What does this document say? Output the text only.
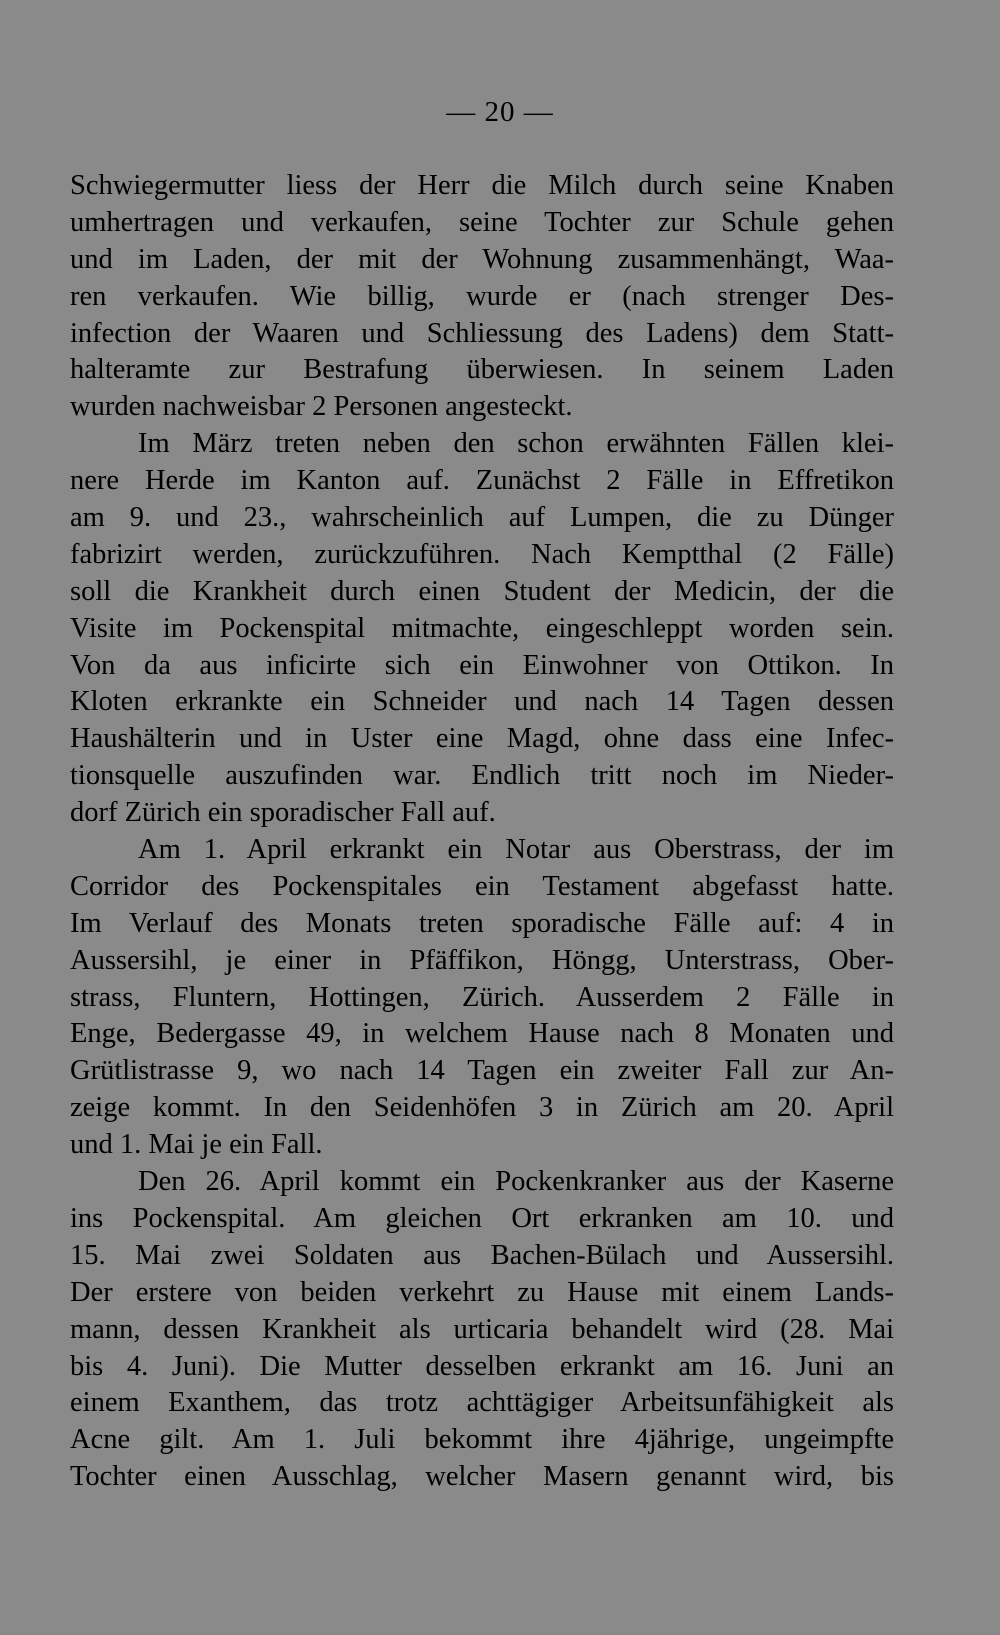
— 20 —
Schwiegermutter liess der Herr die Milch durch seine Knaben
umhertragen und verkaufen, seine Tochter zur Schule gehen
und im Laden, der mit der Wohnung zusammenhängt, Waa-
ren verkaufen. Wie billig, wurde er (nach strenger Des-
infection der Waaren und Schliessung des Ladens) dem Statt-
halteramte zur Bestrafung überwiesen. In seinem Laden
wurden nachweisbar 2 Personen angesteckt.
Im März treten neben den schon erwähnten Fällen klei-
nere Herde im Kanton auf. Zunächst 2 Fälle in Effretikon
am 9. und 23., wahrscheinlich auf Lumpen, die zu Dünger
fabrizirt werden, zurückzuführen. Nach Kemptthal (2 Fälle)
soll die Krankheit durch einen Student der Medicin, der die
Visite im Pockenspital mitmachte, eingeschleppt worden sein.
Von da aus inficirte sich ein Einwohner von Ottikon. In
Kloten erkrankte ein Schneider und nach 14 Tagen dessen
Haushälterin und in Uster eine Magd, ohne dass eine Infec-
tionsquelle auszufinden war. Endlich tritt noch im Nieder-
dorf Zürich ein sporadischer Fall auf.
Am 1. April erkrankt ein Notar aus Oberstrass, der im
Corridor des Pockenspitales ein Testament abgefasst hatte.
Im Verlauf des Monats treten sporadische Fälle auf: 4 in
Aussersihl, je einer in Pfäffikon, Höngg, Unterstrass, Ober-
strass, Fluntern, Hottingen, Zürich. Ausserdem 2 Fälle in
Enge, Bedergasse 49, in welchem Hause nach 8 Monaten und
Grütlistrasse 9, wo nach 14 Tagen ein zweiter Fall zur An-
zeige kommt. In den Seidenhöfen 3 in Zürich am 20. April
und 1. Mai je ein Fall.
Den 26. April kommt ein Pockenkranker aus der Kaserne
ins Pockenspital. Am gleichen Ort erkranken am 10. und
15. Mai zwei Soldaten aus Bachen-Bülach und Aussersihl.
Der erstere von beiden verkehrt zu Hause mit einem Lands-
mann, dessen Krankheit als urticaria behandelt wird (28. Mai
bis 4. Juni). Die Mutter desselben erkrankt am 16. Juni an
einem Exanthem, das trotz achttägiger Arbeitsunfähigkeit als
Acne gilt. Am 1. Juli bekommt ihre 4jährige, ungeimpfte
Tochter einen Ausschlag, welcher Masern genannt wird, bis
